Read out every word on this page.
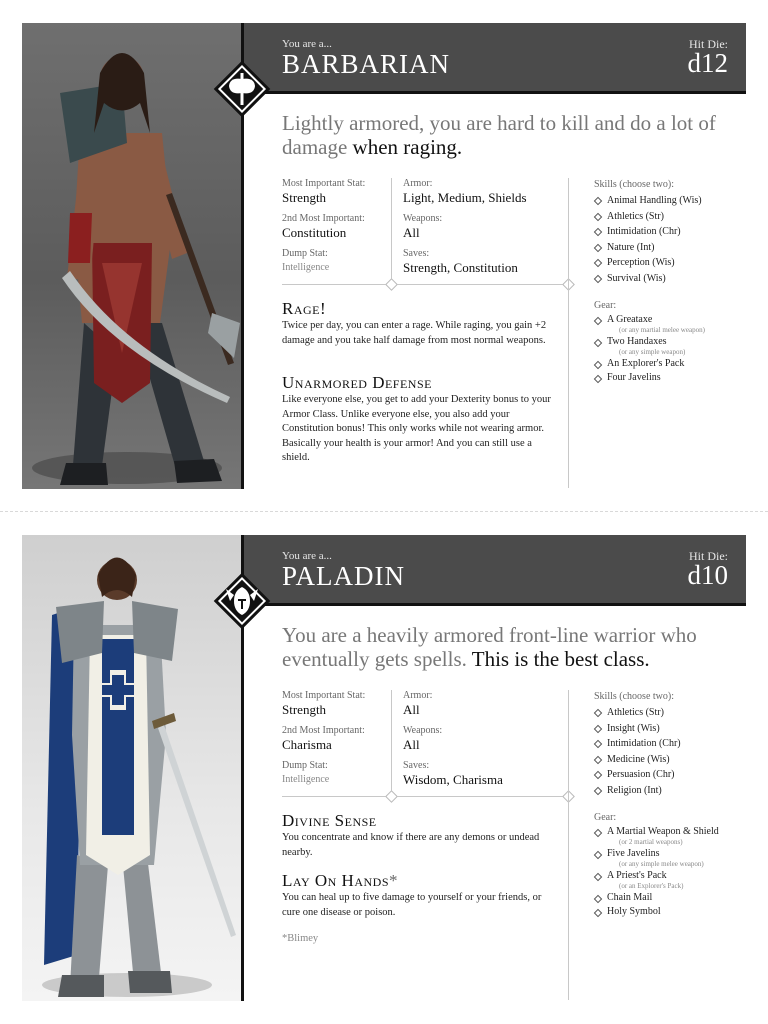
You are a...
BARBARIAN
Hit Die:
d12
Lightly armored, you are hard to kill and do a lot of damage when raging.
Most Important Stat:
Strength
2nd Most Important:
Constitution
Dump Stat:
Intelligence
Armor:
Light, Medium, Shields
Weapons:
All
Saves:
Strength, Constitution
Rage!
Twice per day, you can enter a rage. While raging, you gain +2 damage and you take half damage from most normal weapons.
Unarmored Defense
Like everyone else, you get to add your Dexterity bonus to your Armor Class. Unlike everyone else, you also add your Constitution bonus! This only works while not wearing armor. Basically your health is your armor! And you can still use a shield.
Skills (choose two):
Animal Handling (Wis)
Athletics (Str)
Intimidation (Chr)
Nature (Int)
Perception (Wis)
Survival (Wis)
Gear:
A Greataxe
(or any martial melee weapon)
Two Handaxes
(or any simple weapon)
An Explorer's Pack
Four Javelins
You are a...
PALADIN
Hit Die:
d10
You are a heavily armored front-line warrior who eventually gets spells. This is the best class.
Most Important Stat:
Strength
2nd Most Important:
Charisma
Dump Stat:
Intelligence
Armor:
All
Weapons:
All
Saves:
Wisdom, Charisma
Divine Sense
You concentrate and know if there are any demons or undead nearby.
Lay On Hands*
You can heal up to five damage to yourself or your friends, or cure one disease or poison.
*Blimey
Skills (choose two):
Athletics (Str)
Insight (Wis)
Intimidation (Chr)
Medicine (Wis)
Persuasion (Chr)
Religion (Int)
Gear:
A Martial Weapon & Shield
(or 2 martial weapons)
Five Javelins
(or any simple melee weapon)
A Priest's Pack
(or an Explorer's Pack)
Chain Mail
Holy Symbol
